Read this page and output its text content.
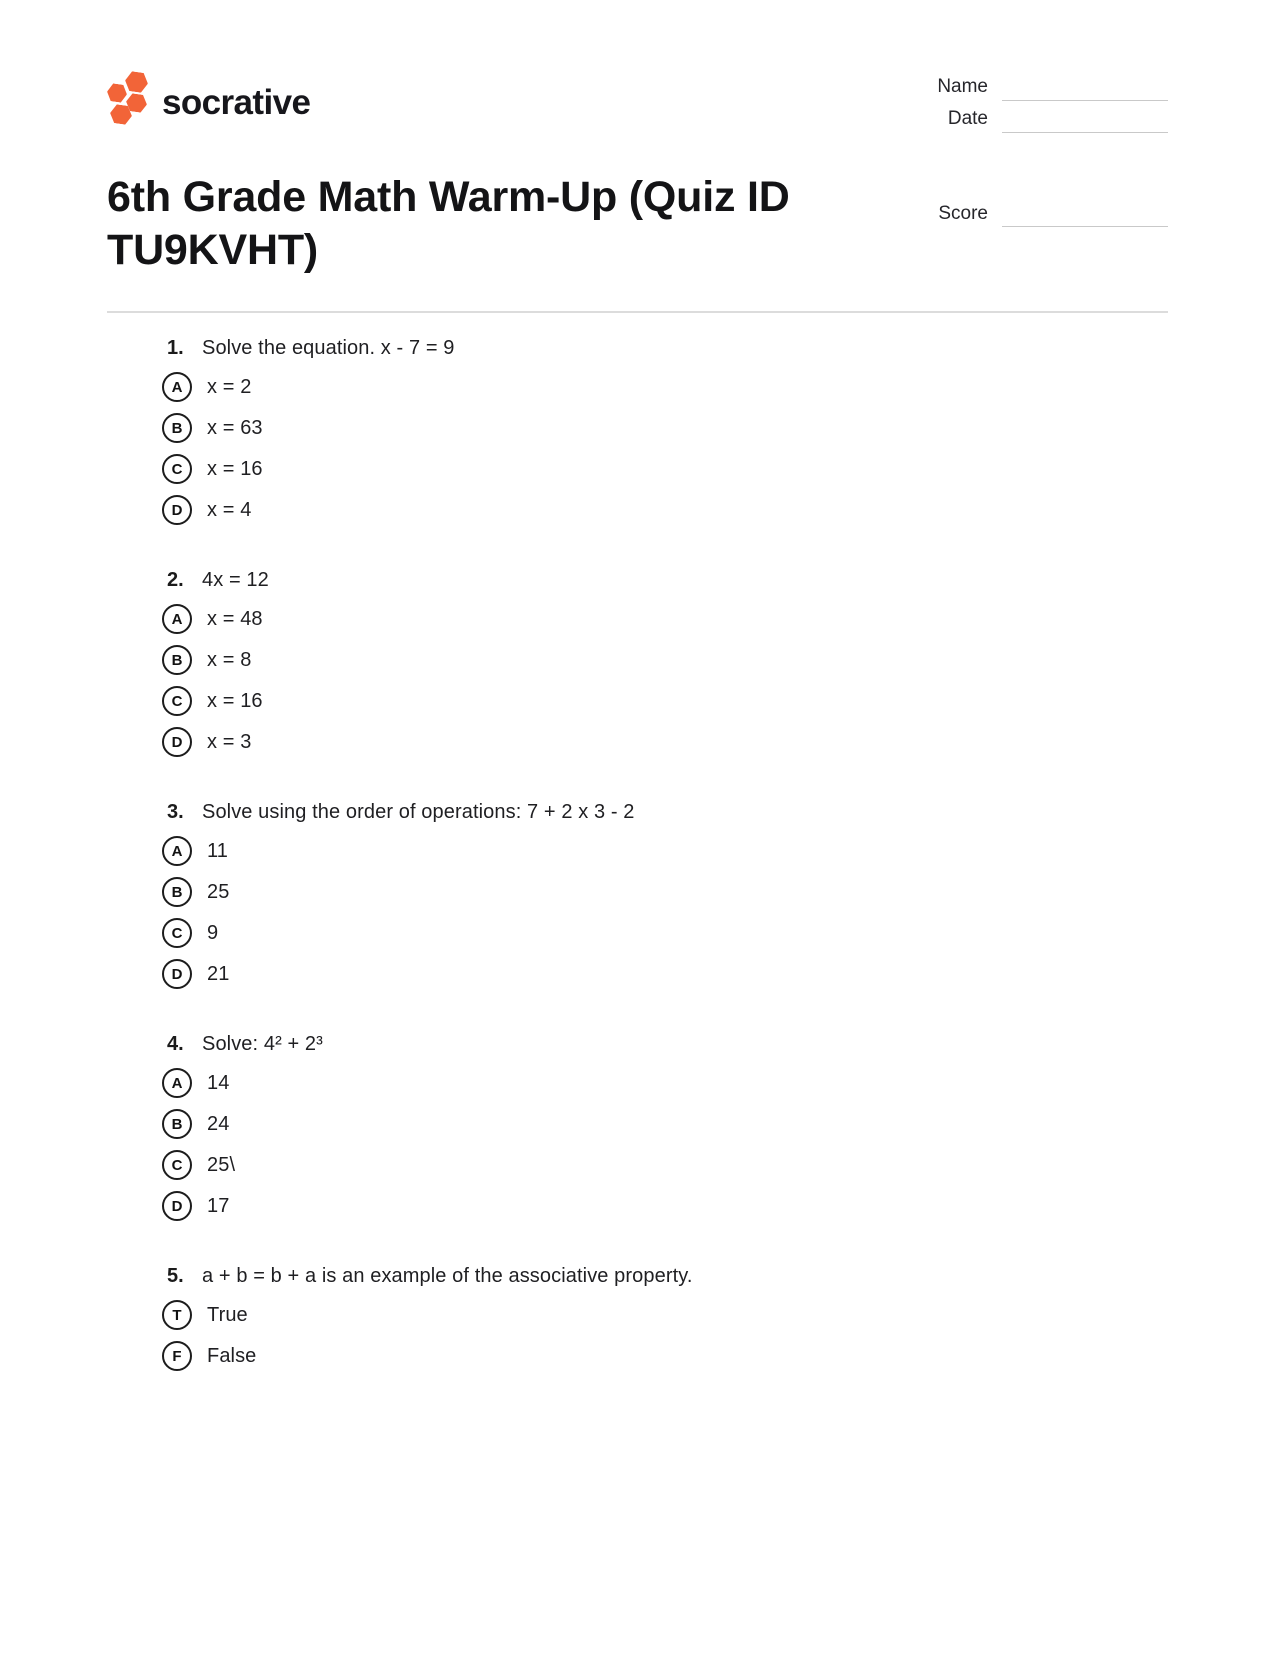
socrative	Name
Date
6th Grade Math Warm-Up (Quiz ID TU9KVHT)
Score
1. Solve the equation. x - 7 = 9
A x = 2
B x = 63
C x = 16
D x = 4
2. 4x = 12
A x = 48
B x = 8
C x = 16
D x = 3
3. Solve using the order of operations: 7 + 2 x 3 - 2
A 11
B 25
C 9
D 21
4. Solve: 4² + 2³
A 14
B 24
C 25\
D 17
5. a + b = b + a is an example of the associative property.
T True
F False
